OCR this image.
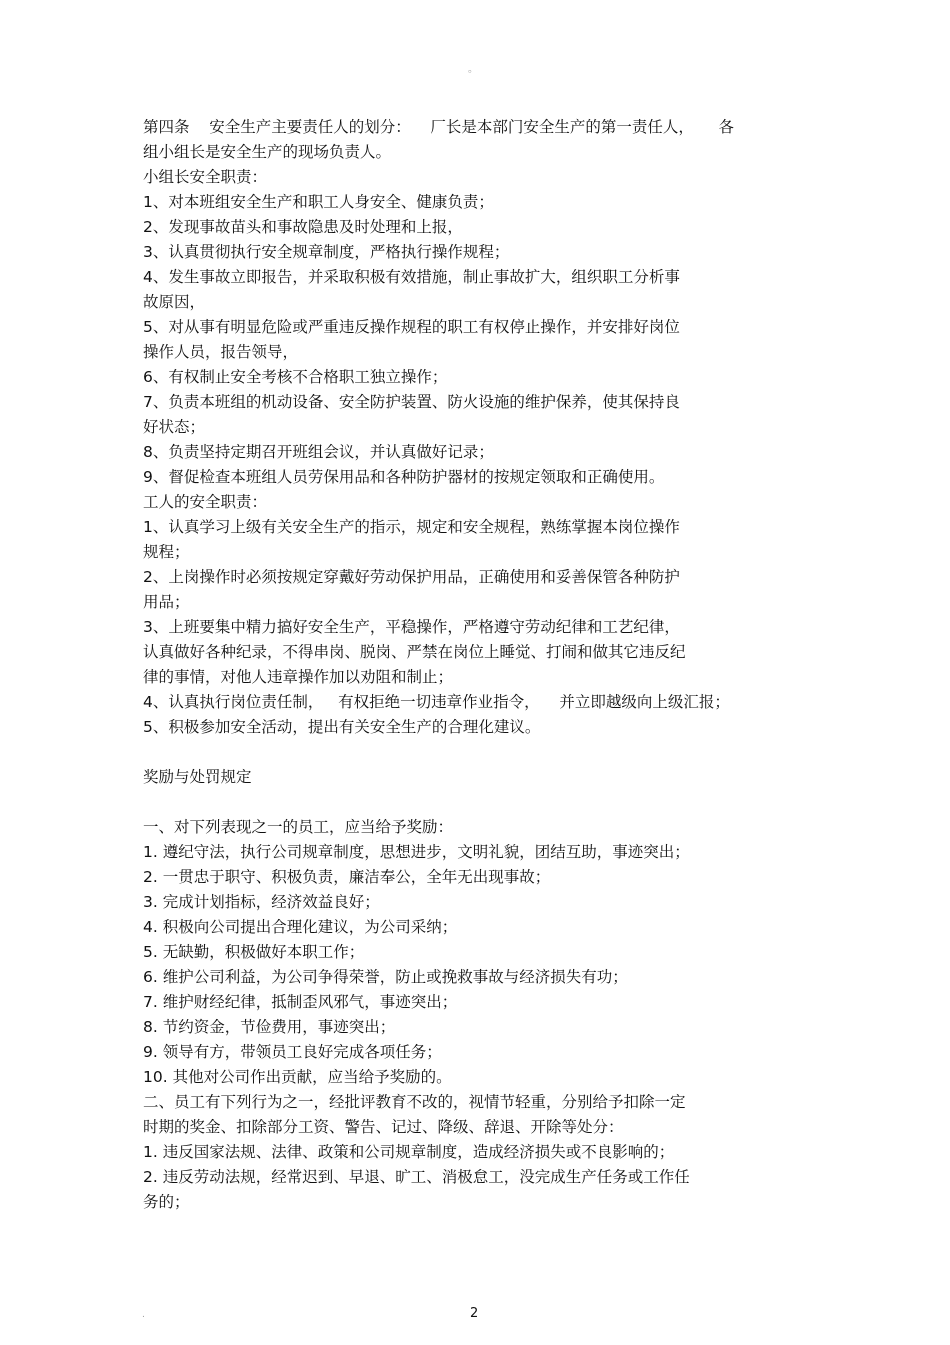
。
第四条    安全生产主要责任人的划分：    厂长是本部门安全生产的第一责任人，     各
组小组长是安全生产的现场负责人。
小组长安全职责：
1、对本班组安全生产和职工人身安全、健康负责；
2、发现事故苗头和事故隐患及时处理和上报，
3、认真贯彻执行安全规章制度，严格执行操作规程；
4、发生事故立即报告，并采取积极有效措施，制止事故扩大，组织职工分析事
故原因，
5、对从事有明显危险或严重违反操作规程的职工有权停止操作，并安排好岗位
操作人员，报告领导，
6、有权制止安全考核不合格职工独立操作；
7、负责本班组的机动设备、安全防护装置、防火设施的维护保养，使其保持良
好状态；
8、负责坚持定期召开班组会议，并认真做好记录；
9、督促检查本班组人员劳保用品和各种防护器材的按规定领取和正确使用。
工人的安全职责：
1、认真学习上级有关安全生产的指示，规定和安全规程，熟练掌握本岗位操作
规程；
2、上岗操作时必须按规定穿戴好劳动保护用品，正确使用和妥善保管各种防护
用品；
3、上班要集中精力搞好安全生产，平稳操作，严格遵守劳动纪律和工艺纪律，
认真做好各种纪录，不得串岗、脱岗、严禁在岗位上睡觉、打闹和做其它违反纪
律的事情，对他人违章操作加以劝阻和制止；
4、认真执行岗位责任制，   有权拒绝一切违章作业指令，    并立即越级向上级汇报；
5、积极参加安全活动，提出有关安全生产的合理化建议。
奖励与处罚规定
一、对下列表现之一的员工，应当给予奖励：
1. 遵纪守法，执行公司规章制度，思想进步，文明礼貌，团结互助，事迹突出；
2. 一贯忠于职守、积极负责，廉洁奉公，全年无出现事故；
3. 完成计划指标，经济效益良好；
4. 积极向公司提出合理化建议，为公司采纳；
5. 无缺勤，积极做好本职工作；
6. 维护公司利益，为公司争得荣誉，防止或挽救事故与经济损失有功；
7. 维护财经纪律，抵制歪风邪气，事迹突出；
8. 节约资金，节俭费用，事迹突出；
9. 领导有方，带领员工良好完成各项任务；
10. 其他对公司作出贡献，应当给予奖励的。
二、员工有下列行为之一，经批评教育不改的，视情节轻重，分别给予扣除一定
时期的奖金、扣除部分工资、警告、记过、降级、辞退、开除等处分：
1. 违反国家法规、法律、政策和公司规章制度，造成经济损失或不良影响的；
2. 违反劳动法规，经常迟到、早退、旷工、消极怠工，没完成生产任务或工作任
务的；
.	2
